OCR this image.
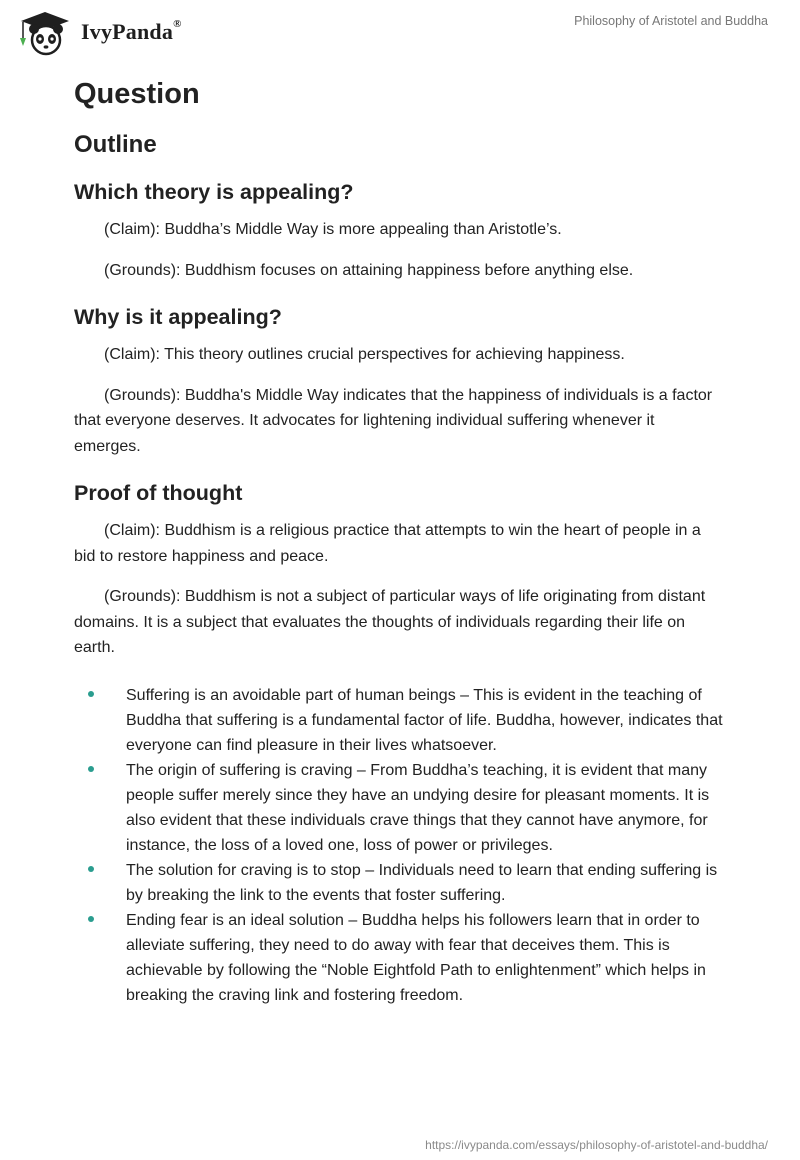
IvyPanda®	Philosophy of Aristotel and Buddha
Question
Outline
Which theory is appealing?

(Claim): Buddha’s Middle Way is more appealing than Aristotle’s.

(Grounds): Buddhism focuses on attaining happiness before anything else.

Why is it appealing?

(Claim): This theory outlines crucial perspectives for achieving happiness.

(Grounds): Buddha's Middle Way indicates that the happiness of individuals is a factor that everyone deserves. It advocates for lightening individual suffering whenever it emerges.

Proof of thought

(Claim): Buddhism is a religious practice that attempts to win the heart of people in a bid to restore happiness and peace.

(Grounds): Buddhism is not a subject of particular ways of life originating from distant domains. It is a subject that evaluates the thoughts of individuals regarding their life on earth.

Suffering is an avoidable part of human beings – This is evident in the teaching of Buddha that suffering is a fundamental factor of life. Buddha, however, indicates that everyone can find pleasure in their lives whatsoever.
The origin of suffering is craving – From Buddha’s teaching, it is evident that many people suffer merely since they have an undying desire for pleasant moments. It is also evident that these individuals crave things that they cannot have anymore, for instance, the loss of a loved one, loss of power or privileges.
The solution for craving is to stop – Individuals need to learn that ending suffering is by breaking the link to the events that foster suffering.
Ending fear is an ideal solution – Buddha helps his followers learn that in order to alleviate suffering, they need to do away with fear that deceives them. This is achievable by following the “Noble Eightfold Path to enlightenment” which helps in breaking the craving link and fostering freedom.
https://ivypanda.com/essays/philosophy-of-aristotel-and-buddha/
